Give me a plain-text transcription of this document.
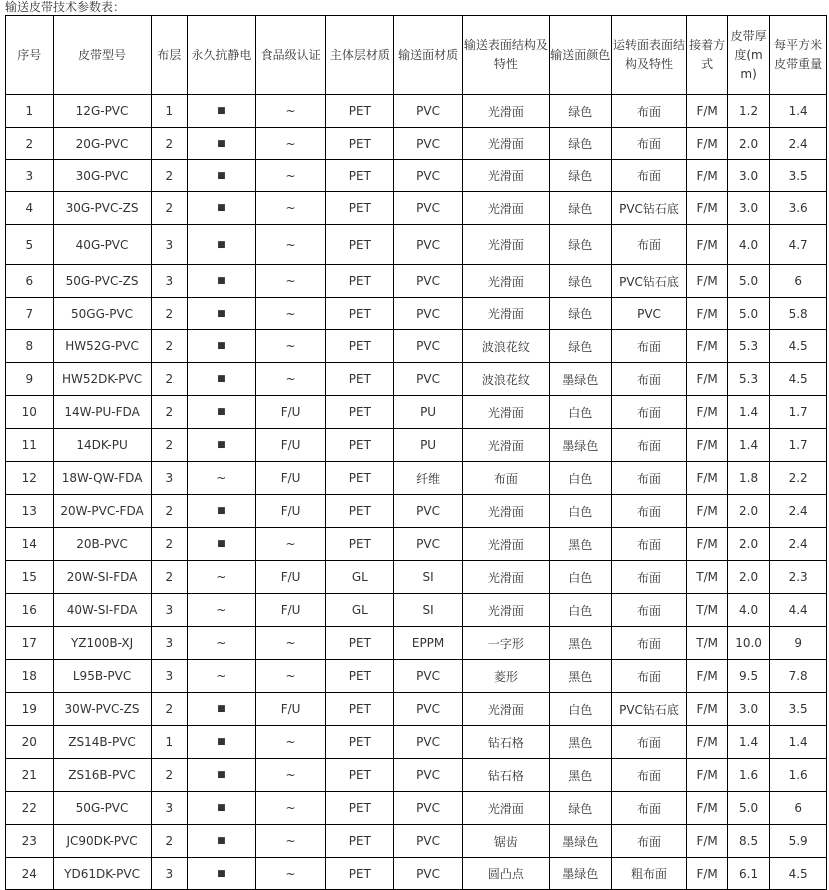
输送皮带技术参数表：
序号	皮带型号	布层	永久抗静电	食品级认证	主体层材质	输送面材质	输送表面结构及特性	输送面颜色	运转面表面结构及特性	接着方式	皮带厚度(mm)	每平方米皮带重量
1	12G-PVC	1	■	~	PET	PVC	光滑面	绿色	布面	F/M	1.2	1.4
2	20G-PVC	2	■	~	PET	PVC	光滑面	绿色	布面	F/M	2.0	2.4
3	30G-PVC	2	■	~	PET	PVC	光滑面	绿色	布面	F/M	3.0	3.5
4	30G-PVC-ZS	2	■	~	PET	PVC	光滑面	绿色	PVC钻石底	F/M	3.0	3.6
5	40G-PVC	3	■	~	PET	PVC	光滑面	绿色	布面	F/M	4.0	4.7
6	50G-PVC-ZS	3	■	~	PET	PVC	光滑面	绿色	PVC钻石底	F/M	5.0	6
7	50GG-PVC	2	■	~	PET	PVC	光滑面	绿色	PVC	F/M	5.0	5.8
8	HW52G-PVC	2	■	~	PET	PVC	波浪花纹	绿色	布面	F/M	5.3	4.5
9	HW52DK-PVC	2	■	~	PET	PVC	波浪花纹	墨绿色	布面	F/M	5.3	4.5
10	14W-PU-FDA	2	■	F/U	PET	PU	光滑面	白色	布面	F/M	1.4	1.7
11	14DK-PU	2	■	F/U	PET	PU	光滑面	墨绿色	布面	F/M	1.4	1.7
12	18W-QW-FDA	3	~	F/U	PET	纤维	布面	白色	布面	F/M	1.8	2.2
13	20W-PVC-FDA	2	■	F/U	PET	PVC	光滑面	白色	布面	F/M	2.0	2.4
14	20B-PVC	2	■	~	PET	PVC	光滑面	黑色	布面	F/M	2.0	2.4
15	20W-SI-FDA	2	~	F/U	GL	SI	光滑面	白色	布面	T/M	2.0	2.3
16	40W-SI-FDA	3	~	F/U	GL	SI	光滑面	白色	布面	T/M	4.0	4.4
17	YZ100B-XJ	3	~	~	PET	EPPM	一字形	黑色	布面	T/M	10.0	9
18	L95B-PVC	3	~	~	PET	PVC	菱形	黑色	布面	F/M	9.5	7.8
19	30W-PVC-ZS	2	■	F/U	PET	PVC	光滑面	白色	PVC钻石底	F/M	3.0	3.5
20	ZS14B-PVC	1	■	~	PET	PVC	钻石格	黑色	布面	F/M	1.4	1.4
21	ZS16B-PVC	2	■	~	PET	PVC	钻石格	黑色	布面	F/M	1.6	1.6
22	50G-PVC	3	■	~	PET	PVC	光滑面	绿色	布面	F/M	5.0	6
23	JC90DK-PVC	2	■	~	PET	PVC	锯齿	墨绿色	布面	F/M	8.5	5.9
24	YD61DK-PVC	3	■	~	PET	PVC	圆凸点	墨绿色	粗布面	F/M	6.1	4.5
